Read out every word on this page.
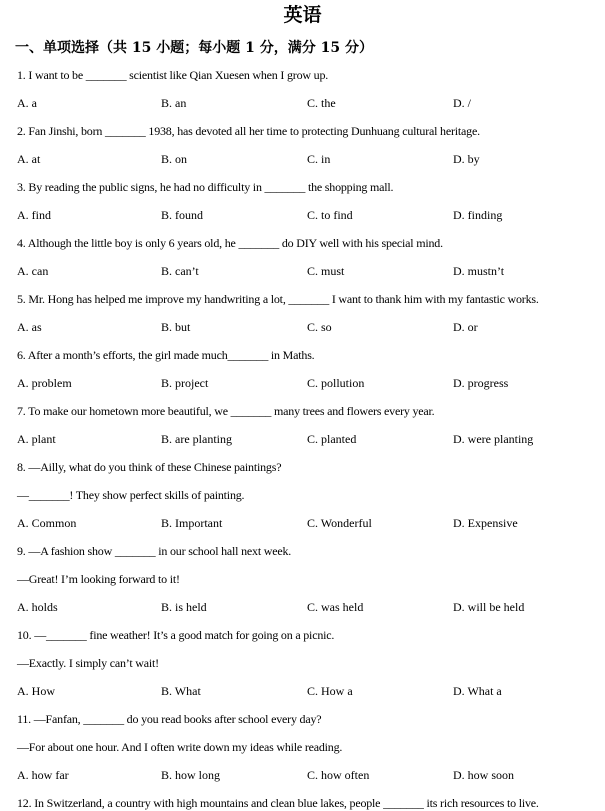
英语
一、单项选择（共 15 小题；每小题 1 分，满分 15 分）
1. I want to be _______ scientist like Qian Xuesen when I grow up.
A. a	B. an	C. the	D. /
2. Fan Jinshi, born _______ 1938, has devoted all her time to protecting Dunhuang cultural heritage.
A. at	B. on	C. in	D. by
3. By reading the public signs, he had no difficulty in _______ the shopping mall.
A. find	B. found	C. to find	D. finding
4. Although the little boy is only 6 years old, he _______ do DIY well with his special mind.
A. can	B. can’t	C. must	D. mustn’t
5. Mr. Hong has helped me improve my handwriting a lot, _______ I want to thank him with my fantastic works.
A. as	B. but	C. so	D. or
6. After a month’s efforts, the girl made much_______ in Maths.
A. problem	B. project	C. pollution	D. progress
7. To make our hometown more beautiful, we _______ many trees and flowers every year.
A. plant	B. are planting	C. planted	D. were planting
8. —Ailly, what do you think of these Chinese paintings?
—_______! They show perfect skills of painting.
A. Common	B. Important	C. Wonderful	D. Expensive
9. —A fashion show _______ in our school hall next week.
—Great! I’m looking forward to it!
A. holds	B. is held	C. was held	D. will be held
10. —_______ fine weather! It’s a good match for going on a picnic.
—Exactly. I simply can’t wait!
A. How	B. What	C. How a	D. What a
11. —Fanfan, _______ do you read books after school every day?
—For about one hour. And I often write down my ideas while reading.
A. how far	B. how long	C. how often	D. how soon
12. In Switzerland, a country with high mountains and clean blue lakes, people _______ its rich resources to live.
